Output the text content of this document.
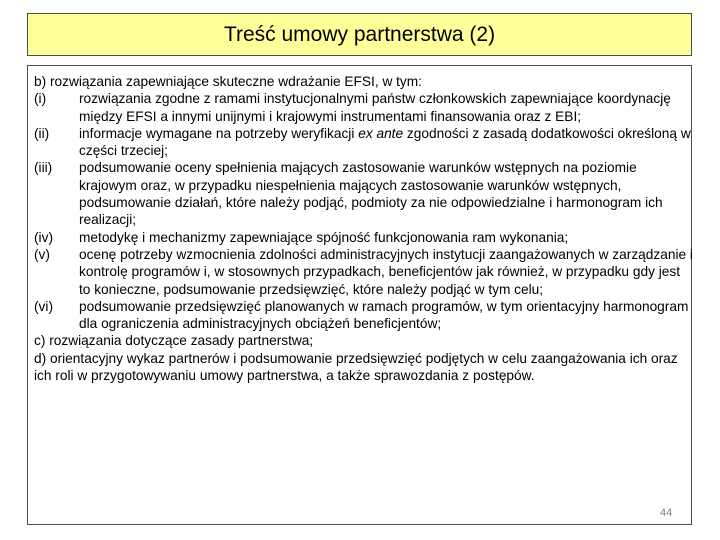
Treść umowy partnerstwa (2)

b) rozwiązania zapewniające skuteczne wdrażanie EFSI, w tym:

(i)	rozwiązania zgodne z ramami instytucjonalnymi państw członkowskich zapewniające koordynację między EFSI a innymi unijnymi i krajowymi instrumentami finansowania oraz z EBI;
(ii)	informacje wymagane na potrzeby weryfikacji ex ante zgodności z zasadą dodatkowości określoną w części trzeciej;
(iii)	podsumowanie oceny spełnienia mających zastosowanie warunków wstępnych na poziomie krajowym oraz, w przypadku niespełnienia mających zastosowanie warunków wstępnych, podsumowanie działań, które należy podjąć, podmioty za nie odpowiedzialne i harmonogram ich realizacji;
(iv)	metodykę i mechanizmy zapewniające spójność funkcjonowania ram wykonania;
(v)	ocenę potrzeby wzmocnienia zdolności administracyjnych instytucji zaangażowanych w zarządzanie i kontrolę programów i, w stosownych przypadkach, beneficjentów jak również, w przypadku gdy jest to konieczne, podsumowanie przedsięwzięć, które należy podjąć w tym celu;
(vi)	podsumowanie przedsięwzięć planowanych w ramach programów, w tym orientacyjny harmonogram dla ograniczenia administracyjnych obciążeń beneficjentów;

c) rozwiązania dotyczące zasady partnerstwa;

d) orientacyjny wykaz partnerów i podsumowanie przedsięwzięć podjętych w celu zaangażowania ich oraz ich roli w przygotowywaniu umowy partnerstwa, a także sprawozdania z postępów.

44
